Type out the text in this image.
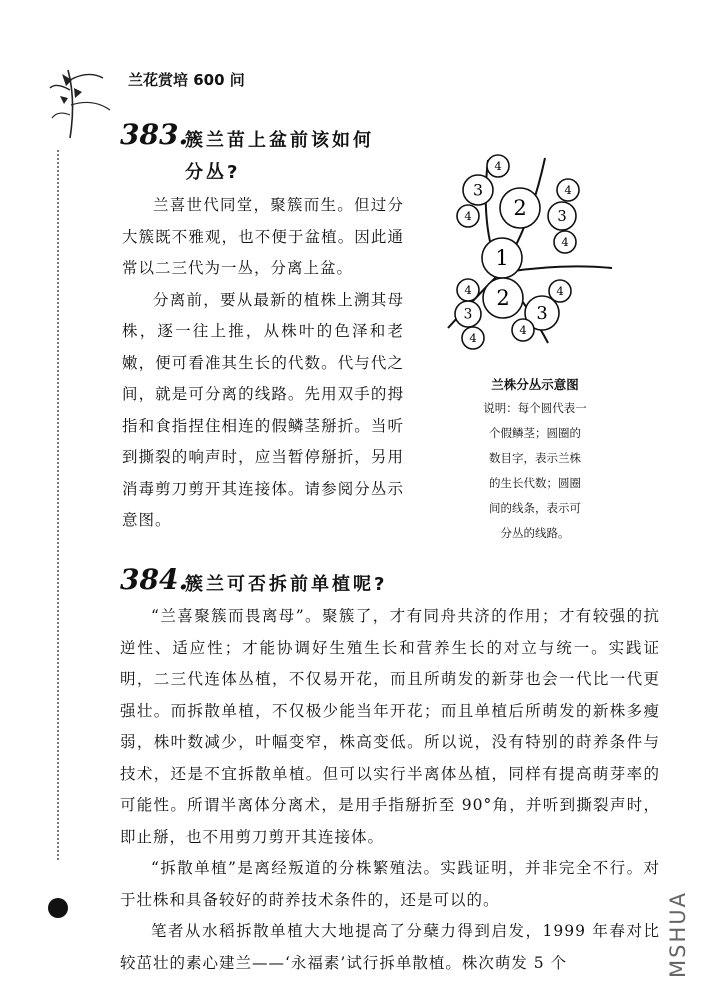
兰花赏培 600 问
383.
簇兰苗上盆前该如何
分丛?

兰喜世代同堂，聚簇而生。但过分大簇既不雅观，也不便于盆植。因此通常以二三代为一丛，分离上盆。

分离前，要从最新的植株上溯其母株，逐一往上推，从株叶的色泽和老嫩，便可看准其生长的代数。代与代之间，就是可分离的线路。先用双手的拇指和食指捏住相连的假鳞茎掰折。当听到撕裂的响声时，应当暂停掰折，另用消毒剪刀剪开其连接体。请参阅分丛示意图。

1
2
2
3
3
3	3
4
4
4
4
4	4
4
4
兰株分丛示意图
说明：每个圆代表一
个假鳞茎；圆圈的
数目字，表示兰株
的生长代数；圆圈
间的线条，表示可
分丛的线路。
384.
簇兰可否拆前单植呢?

“兰喜聚簇而畏离母”。聚簇了，才有同舟共济的作用；才有较强的抗逆性、适应性；才能协调好生殖生长和营养生长的对立与统一。实践证明，二三代连体丛植，不仅易开花，而且所萌发的新芽也会一代比一代更强壮。而拆散单植，不仅极少能当年开花；而且单植后所萌发的新株多瘦弱，株叶数减少，叶幅变窄，株高变低。所以说，没有特别的莳养条件与技术，还是不宜拆散单植。但可以实行半离体丛植，同样有提高萌芽率的可能性。所谓半离体分离术，是用手指掰折至 90°角，并听到撕裂声时，即止掰，也不用剪刀剪开其连接体。

“拆散单植”是离经叛道的分株繁殖法。实践证明，并非完全不行。对于壮株和具备较好的莳养技术条件的，还是可以的。

笔者从水稻拆散单植大大地提高了分蘖力得到启发，1999 年春对比较茁壮的素心建兰——‘永福素’试行拆单散植。株次萌发 5 个	MSHUA
